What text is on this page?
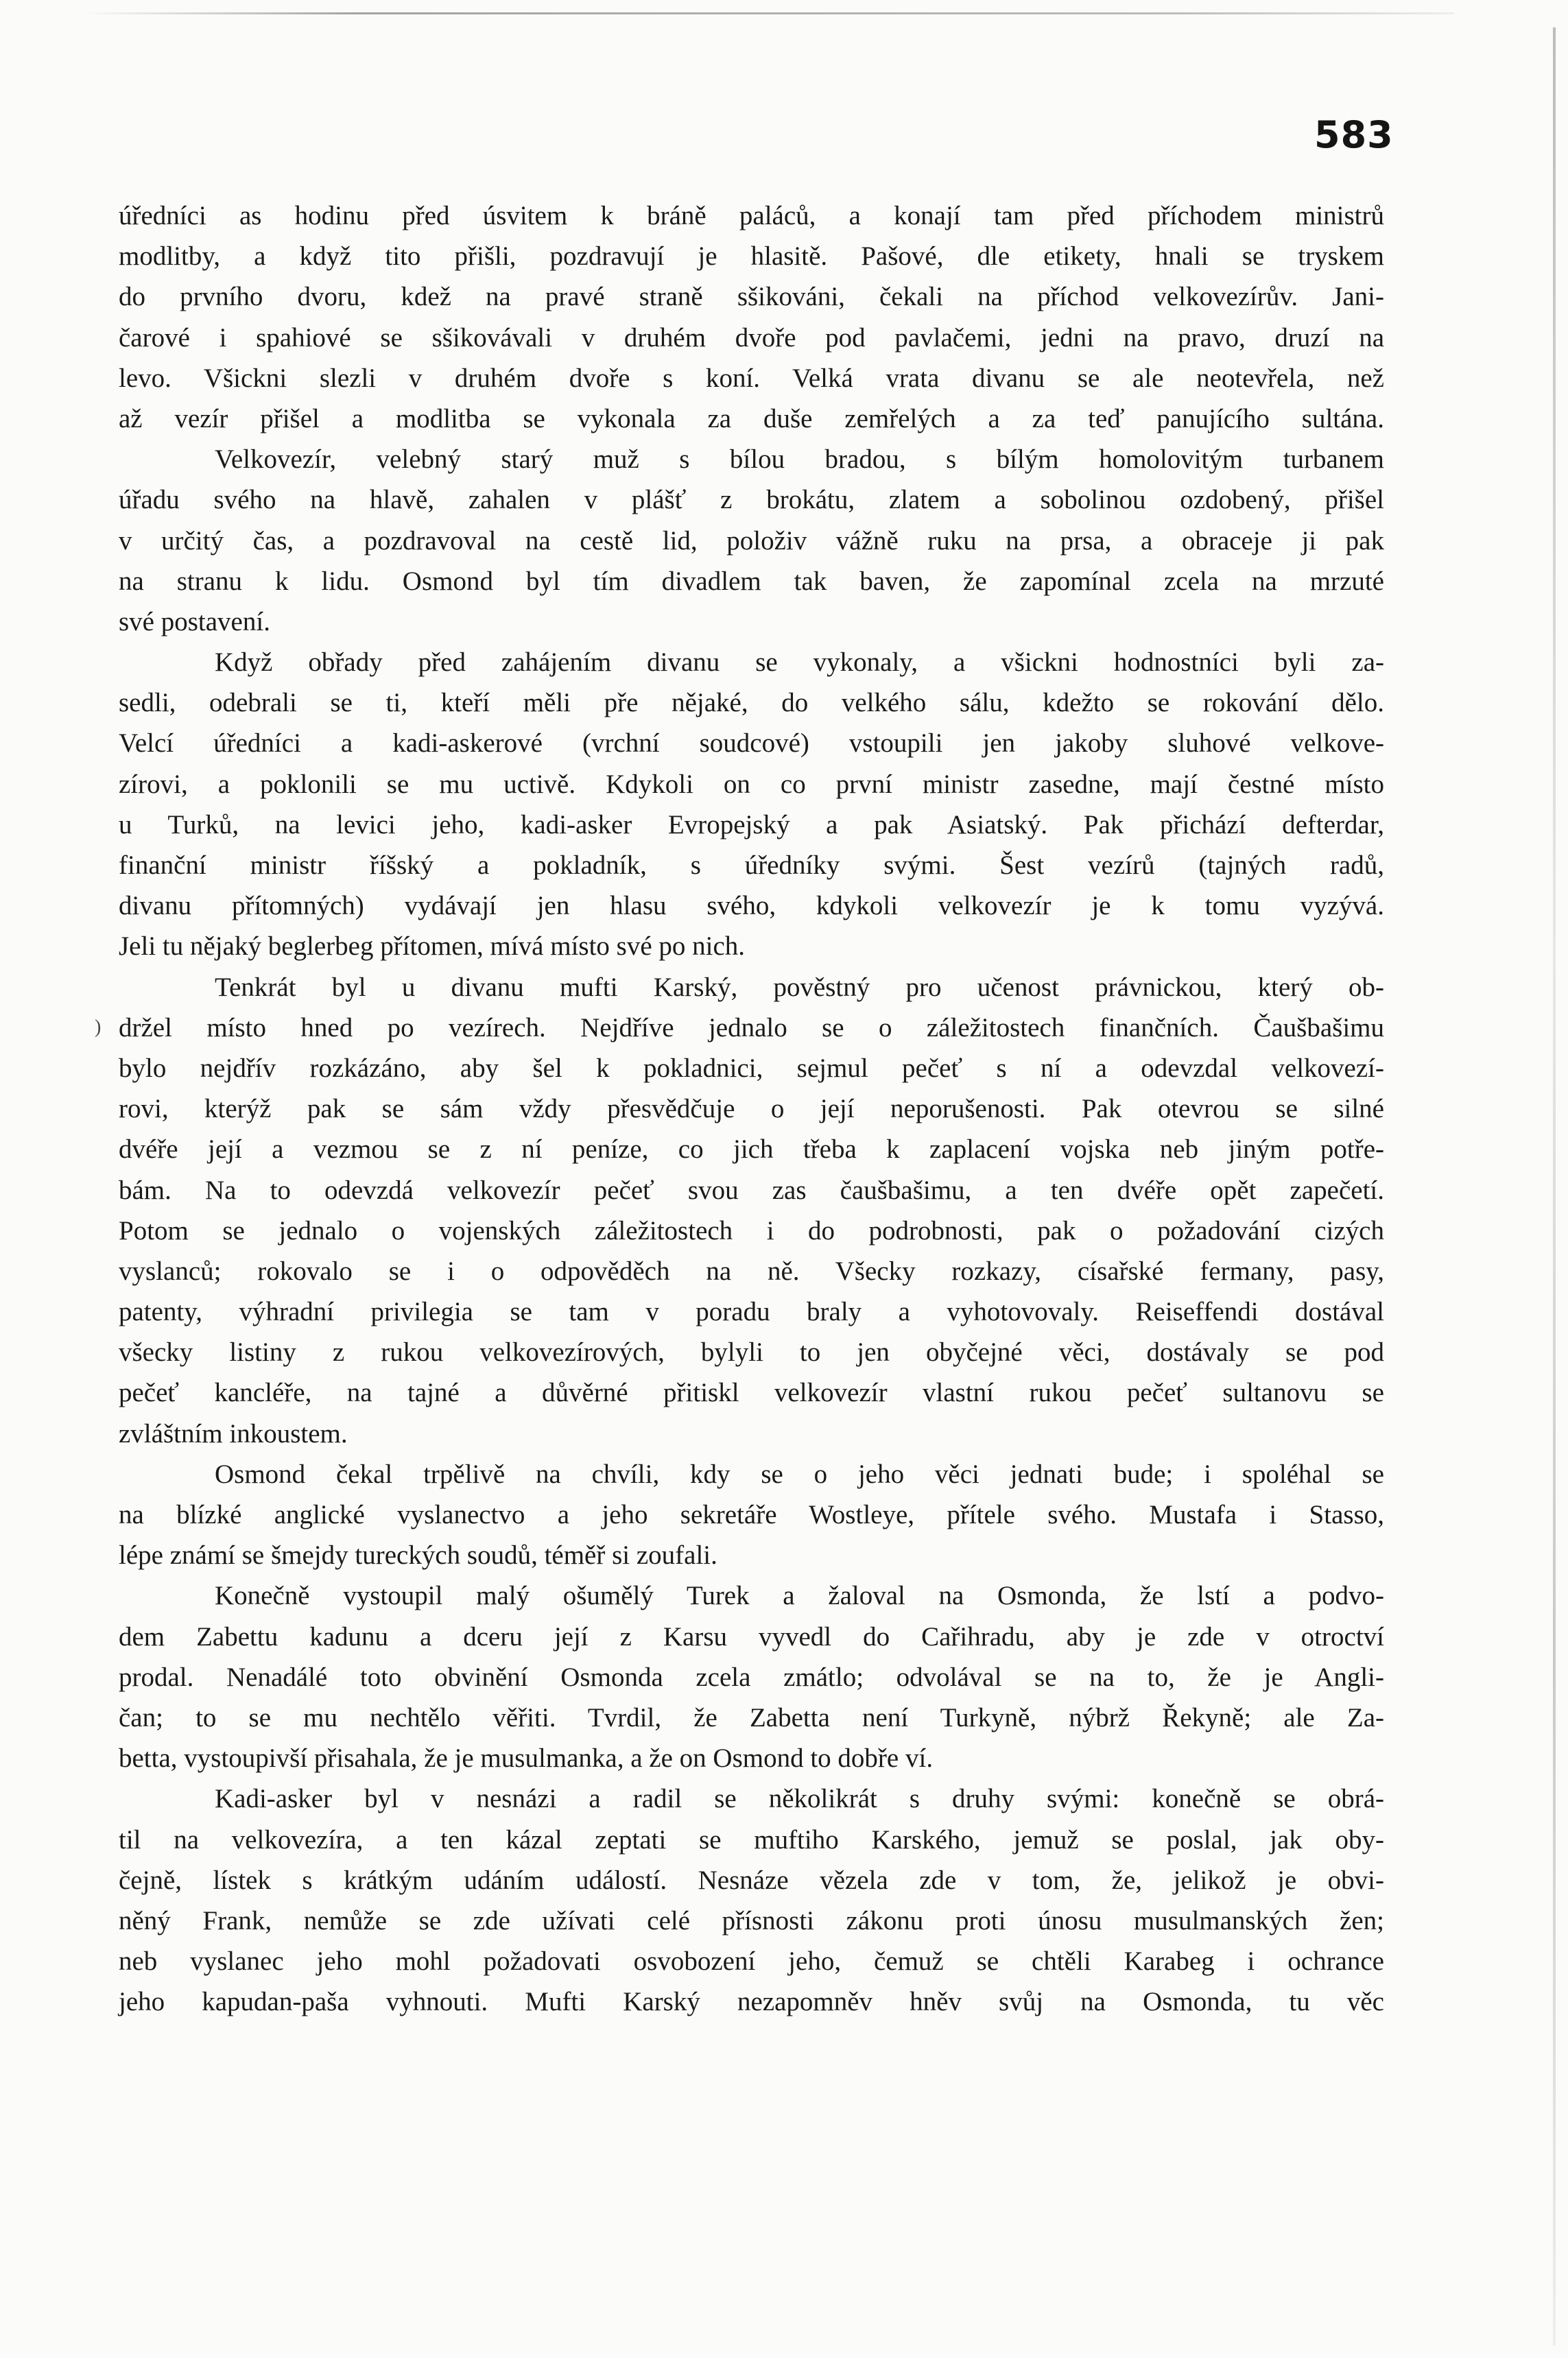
583
)
úředníci as hodinu před úsvitem k bráně paláců, a konají tam před příchodem ministrů
modlitby, a když tito přišli, pozdravují je hlasitě. Pašové, dle etikety, hnali se tryskem
do prvního dvoru, kdež na pravé straně sšikováni, čekali na příchod velkovezírův. Jani-
čarové i spahiové se sšikovávali v druhém dvoře pod pavlačemi, jedni na pravo, druzí na
levo. Všickni slezli v druhém dvoře s koní. Velká vrata divanu se ale neotevřela, než
až vezír přišel a modlitba se vykonala za duše zemřelých a za teď panujícího sultána.
Velkovezír, velebný starý muž s bílou bradou, s bílým homolovitým turbanem
úřadu svého na hlavě, zahalen v plášť z brokátu, zlatem a sobolinou ozdobený, přišel
v určitý čas, a pozdravoval na cestě lid, položiv vážně ruku na prsa, a obraceje ji pak
na stranu k lidu. Osmond byl tím divadlem tak baven, že zapomínal zcela na mrzuté
své postavení.
Když obřady před zahájením divanu se vykonaly, a všickni hodnostníci byli za-
sedli, odebrali se ti, kteří měli pře nějaké, do velkého sálu, kdežto se rokování dělo.
Velcí úředníci a kadi-askerové (vrchní soudcové) vstoupili jen jakoby sluhové velkove-
zírovi, a poklonili se mu uctivě. Kdykoli on co první ministr zasedne, mají čestné místo
u Turků, na levici jeho, kadi-asker Evropejský a pak Asiatský. Pak přichází defterdar,
finanční ministr říšský a pokladník, s úředníky svými. Šest vezírů (tajných radů,
divanu přítomných) vydávají jen hlasu svého, kdykoli velkovezír je k tomu vyzývá.
Jeli tu nějaký beglerbeg přítomen, mívá místo své po nich.
Tenkrát byl u divanu mufti Karský, pověstný pro učenost právnickou, který ob-
držel místo hned po vezírech. Nejdříve jednalo se o záležitostech finančních. Čaušbašimu
bylo nejdřív rozkázáno, aby šel k pokladnici, sejmul pečeť s ní a odevzdal velkovezí-
rovi, kterýž pak se sám vždy přesvědčuje o její neporušenosti. Pak otevrou se silné
dvéře její a vezmou se z ní peníze, co jich třeba k zaplacení vojska neb jiným potře-
bám. Na to odevzdá velkovezír pečeť svou zas čaušbašimu, a ten dvéře opět zapečetí.
Potom se jednalo o vojenských záležitostech i do podrobnosti, pak o požadování cizých
vyslanců; rokovalo se i o odpověděch na ně. Všecky rozkazy, císařské fermany, pasy,
patenty, výhradní privilegia se tam v poradu braly a vyhotovovaly. Reiseffendi dostával
všecky listiny z rukou velkovezírových, bylyli to jen obyčejné věci, dostávaly se pod
pečeť kancléře, na tajné a důvěrné přitiskl velkovezír vlastní rukou pečeť sultanovu se
zvláštním inkoustem.
Osmond čekal trpělivě na chvíli, kdy se o jeho věci jednati bude; i spoléhal se
na blízké anglické vyslanectvo a jeho sekretáře Wostleye, přítele svého. Mustafa i Stasso,
lépe známí se šmejdy tureckých soudů, téměř si zoufali.
Konečně vystoupil malý ošumělý Turek a žaloval na Osmonda, že lstí a podvo-
dem Zabettu kadunu a dceru její z Karsu vyvedl do Cařihradu, aby je zde v otroctví
prodal. Nenadálé toto obvinění Osmonda zcela zmátlo; odvolával se na to, že je Angli-
čan; to se mu nechtělo věřiti. Tvrdil, že Zabetta není Turkyně, nýbrž Řekyně; ale Za-
betta, vystoupivší přisahala, že je musulmanka, a že on Osmond to dobře ví.
Kadi-asker byl v nesnázi a radil se několikrát s druhy svými: konečně se obrá-
til na velkovezíra, a ten kázal zeptati se muftiho Karského, jemuž se poslal, jak oby-
čejně, lístek s krátkým udáním událostí. Nesnáze vězela zde v tom, že, jelikož je obvi-
něný Frank, nemůže se zde užívati celé přísnosti zákonu proti únosu musulmanských žen;
neb vyslanec jeho mohl požadovati osvobození jeho, čemuž se chtěli Karabeg i ochrance
jeho kapudan-paša vyhnouti. Mufti Karský nezapomněv hněv svůj na Osmonda, tu věc
